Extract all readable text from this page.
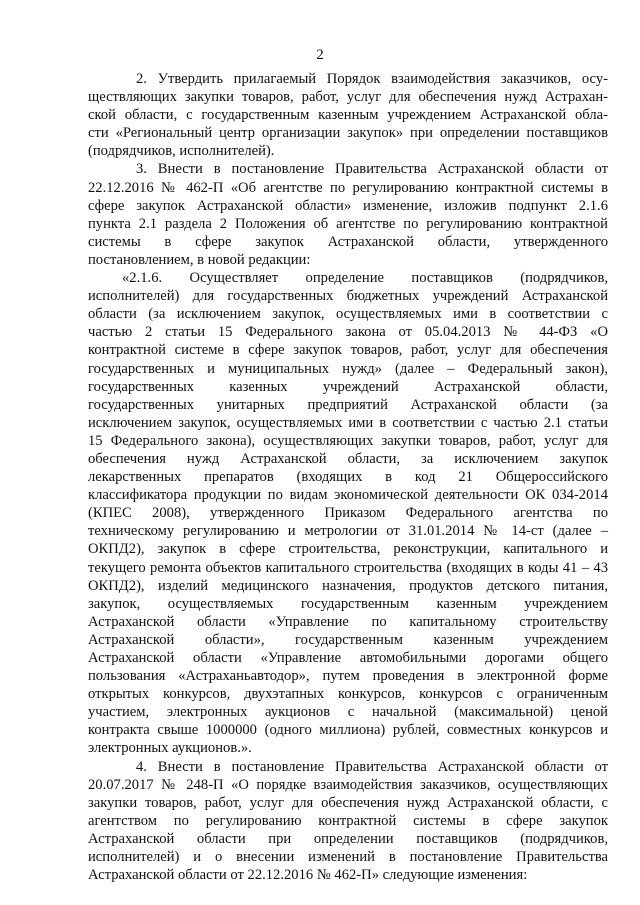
2
2. Утвердить прилагаемый Порядок взаимодействия заказчиков, осу-
ществляющих закупки товаров, работ, услуг для обеспечения нужд Астрахан-
ской области, с государственным казенным учреждением Астраханской обла-
сти «Региональный центр организации закупок» при определении поставщиков
(подрядчиков, исполнителей).
3. Внести в постановление Правительства Астраханской области от
22.12.2016 № 462-П «Об агентстве по регулированию контрактной системы в
сфере закупок Астраханской области» изменение, изложив подпункт 2.1.6
пункта 2.1 раздела 2 Положения об агентстве по регулированию контрактной
системы в сфере закупок Астраханской области, утвержденного
постановлением, в новой редакции:
«2.1.6. Осуществляет определение поставщиков (подрядчиков,
исполнителей) для государственных бюджетных учреждений Астраханской
области (за исключением закупок, осуществляемых ими в соответствии с
частью 2 статьи 15 Федерального закона от 05.04.2013 № 44-ФЗ «О
контрактной системе в сфере закупок товаров, работ, услуг для обеспечения
государственных и муниципальных нужд» (далее – Федеральный закон),
государственных казенных учреждений Астраханской области,
государственных унитарных предприятий Астраханской области (за
исключением закупок, осуществляемых ими в соответствии с частью 2.1 статьи
15 Федерального закона), осуществляющих закупки товаров, работ, услуг для
обеспечения нужд Астраханской области, за исключением закупок
лекарственных препаратов (входящих в код 21 Общероссийского
классификатора продукции по видам экономической деятельности ОК 034-2014
(КПЕС 2008), утвержденного Приказом Федерального агентства по
техническому регулированию и метрологии от 31.01.2014 № 14-ст (далее –
ОКПД2), закупок в сфере строительства, реконструкции, капитального и
текущего ремонта объектов капитального строительства (входящих в коды 41 – 43
ОКПД2), изделий медицинского назначения, продуктов детского питания,
закупок, осуществляемых государственным казенным учреждением
Астраханской области «Управление по капитальному строительству
Астраханской области», государственным казенным учреждением
Астраханской области «Управление автомобильными дорогами общего
пользования «Астраханьавтодор», путем проведения в электронной форме
открытых конкурсов, двухэтапных конкурсов, конкурсов с ограниченным
участием, электронных аукционов с начальной (максимальной) ценой
контракта свыше 1000000 (одного миллиона) рублей, совместных конкурсов и
электронных аукционов.».
4. Внести в постановление Правительства Астраханской области от
20.07.2017 № 248-П «О порядке взаимодействия заказчиков, осуществляющих
закупки товаров, работ, услуг для обеспечения нужд Астраханской области, с
агентством по регулированию контрактной системы в сфере закупок
Астраханской области при определении поставщиков (подрядчиков,
исполнителей) и о внесении изменений в постановление Правительства
Астраханской области от 22.12.2016 № 462-П» следующие изменения:
